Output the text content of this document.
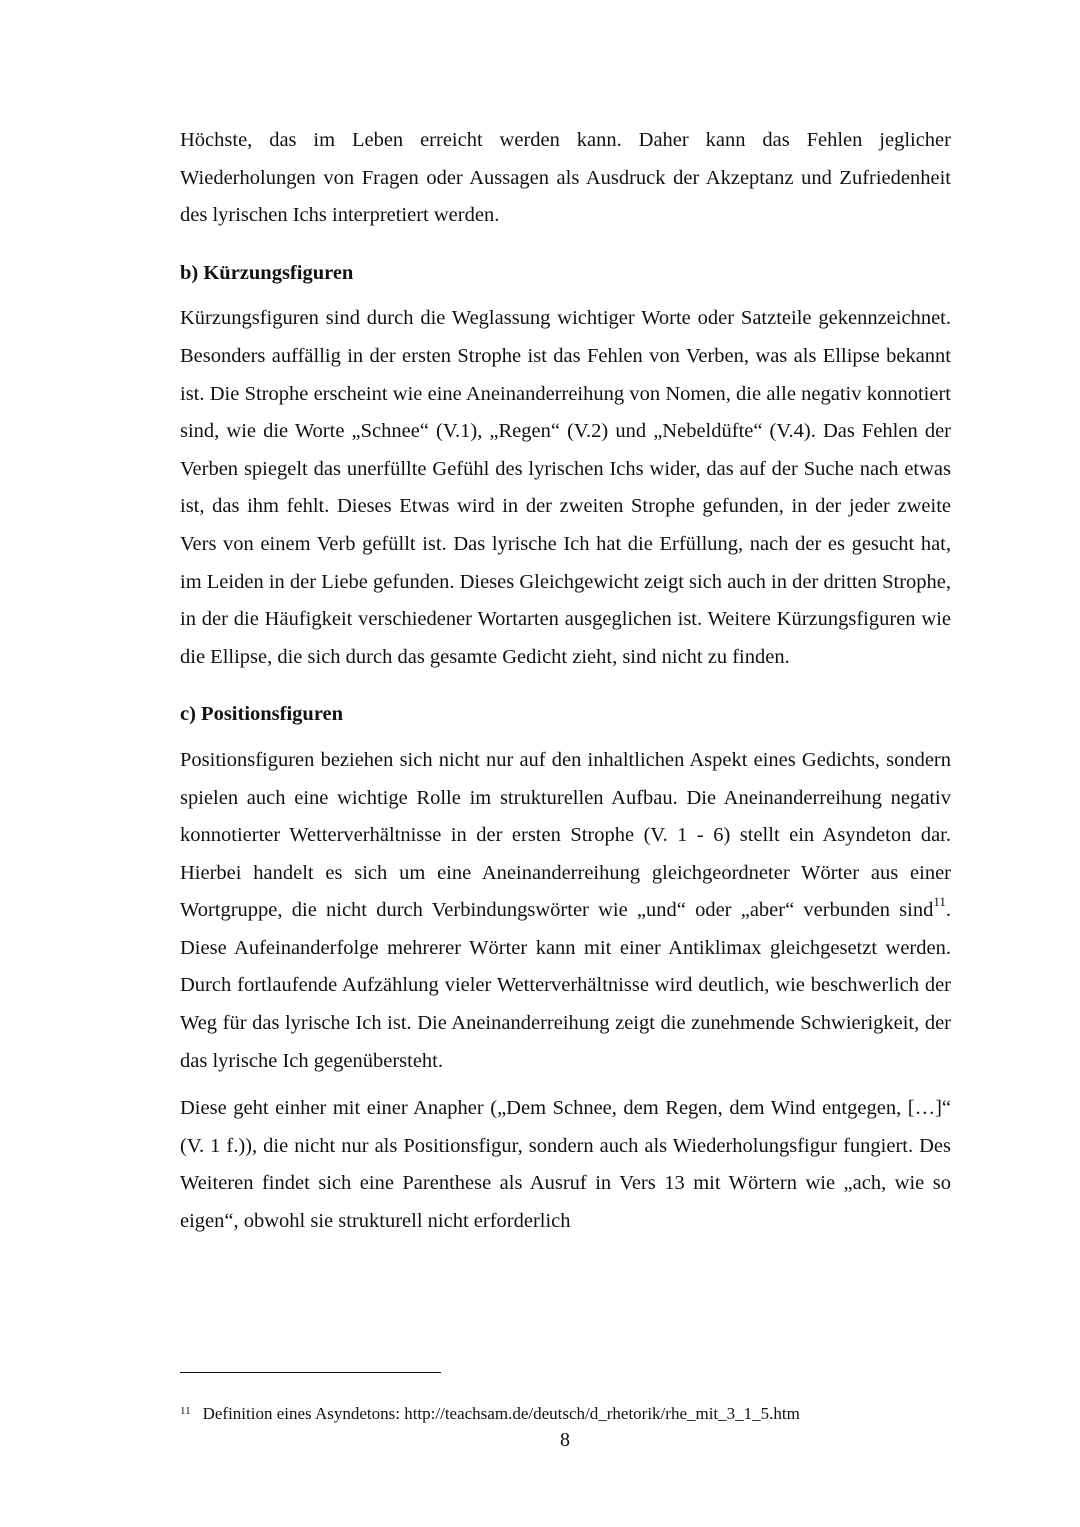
Höchste, das im Leben erreicht werden kann. Daher kann das Fehlen jeglicher Wiederholungen von Fragen oder Aussagen als Ausdruck der Akzeptanz und Zufriedenheit des lyrischen Ichs interpretiert werden.

b) Kürzungsfiguren

Kürzungsfiguren sind durch die Weglassung wichtiger Worte oder Satzteile gekennzeichnet. Besonders auffällig in der ersten Strophe ist das Fehlen von Verben, was als Ellipse bekannt ist. Die Strophe erscheint wie eine Aneinanderreihung von Nomen, die alle negativ konnotiert sind, wie die Worte „Schnee“ (V.1), „Regen“ (V.2) und „Nebeldüfte“ (V.4). Das Fehlen der Verben spiegelt das unerfüllte Gefühl des lyrischen Ichs wider, das auf der Suche nach etwas ist, das ihm fehlt. Dieses Etwas wird in der zweiten Strophe gefunden, in der jeder zweite Vers von einem Verb gefüllt ist. Das lyrische Ich hat die Erfüllung, nach der es gesucht hat, im Leiden in der Liebe gefunden. Dieses Gleichgewicht zeigt sich auch in der dritten Strophe, in der die Häufigkeit verschiedener Wortarten ausgeglichen ist. Weitere Kürzungsfiguren wie die Ellipse, die sich durch das gesamte Gedicht zieht, sind nicht zu finden.

c) Positionsfiguren

Positionsfiguren beziehen sich nicht nur auf den inhaltlichen Aspekt eines Gedichts, sondern spielen auch eine wichtige Rolle im strukturellen Aufbau. Die Aneinanderreihung negativ konnotierter Wetterverhältnisse in der ersten Strophe (V. 1 - 6) stellt ein Asyndeton dar. Hierbei handelt es sich um eine Aneinanderreihung gleichgeordneter Wörter aus einer Wortgruppe, die nicht durch Verbindungswörter wie „und“ oder „aber“ verbunden sind$^{11}$. Diese Aufeinanderfolge mehrerer Wörter kann mit einer Antiklimax gleichgesetzt werden. Durch fortlaufende Aufzählung vieler Wetterverhältnisse wird deutlich, wie beschwerlich der Weg für das lyrische Ich ist. Die Aneinanderreihung zeigt die zunehmende Schwierigkeit, der das lyrische Ich gegenübersteht.

Diese geht einher mit einer Anapher („Dem Schnee, dem Regen, dem Wind entgegen, […]“ (V. 1 f.)), die nicht nur als Positionsfigur, sondern auch als Wiederholungsfigur fungiert. Des Weiteren findet sich eine Parenthese als Ausruf in Vers 13 mit Wörtern wie „ach, wie so eigen“, obwohl sie strukturell nicht erforderlich

$^{11}$ Definition eines Asyndetons: http://teachsam.de/deutsch/d_rhetorik/rhe_mit_3_1_5.htm
8
